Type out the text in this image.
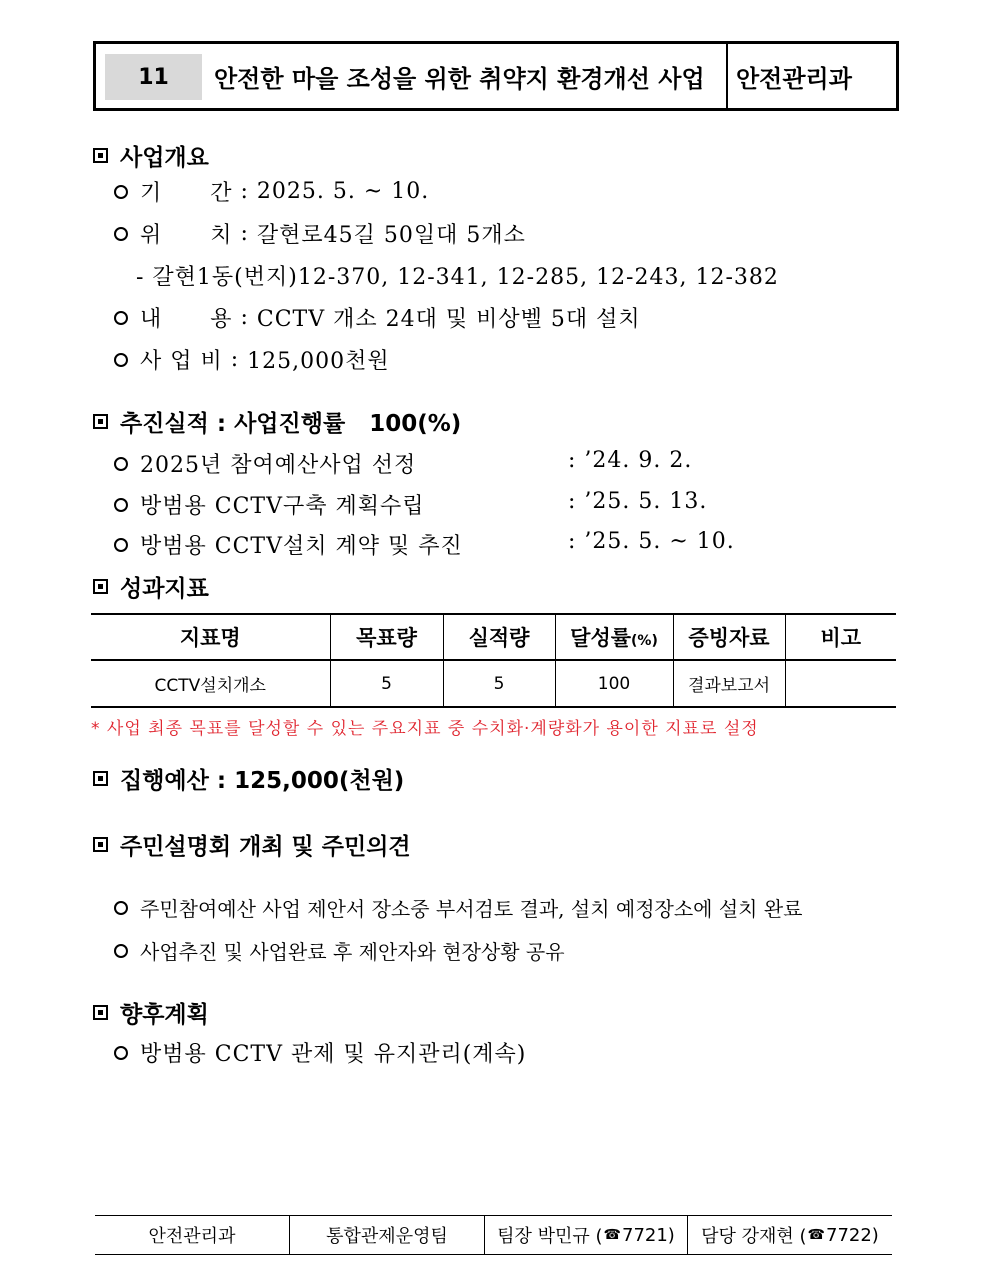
11	안전한 마을 조성을 위한 취약지 환경개선 사업 안전관리과
사업개요
기      간 : 2025. 5. ~ 10.
위      치 : 갈현로45길 50일대 5개소
- 갈현1동(번지)12-370, 12-341, 12-285, 12-243, 12-382
내      용 : CCTV 개소 24대 및 비상벨 5대 설치
사 업 비 : 125,000천원
추진실적 : 사업진행률   100(%)
2025년 참여예산사업 선정	: ’24. 9. 2.
방범용 CCTV구축 계획수립	: ’25. 5. 13.
방범용 CCTV설치 계약 및 추진	: ’25. 5. ~ 10.
성과지표
지표명	목표량	실적량	달성률(%)	증빙자료	비고
CCTV설치개소	5	5	100	결과보고서	
* 사업 최종 목표를 달성할 수 있는 주요지표 중 수치화·계량화가 용이한 지표로 설정
집행예산 : 125,000(천원)
주민설명회 개최 및 주민의견
주민참여예산 사업 제안서 장소중 부서검토 결과, 설치 예정장소에 설치 완료
사업추진 및 사업완료 후 제안자와 현장상황 공유
향후계획
방범용 CCTV 관제 및 유지관리(계속)
안전관리과	통합관제운영팀	팀장 박민규 ( ☎ 7721) 담당 강재현 ( ☎ 7722)
